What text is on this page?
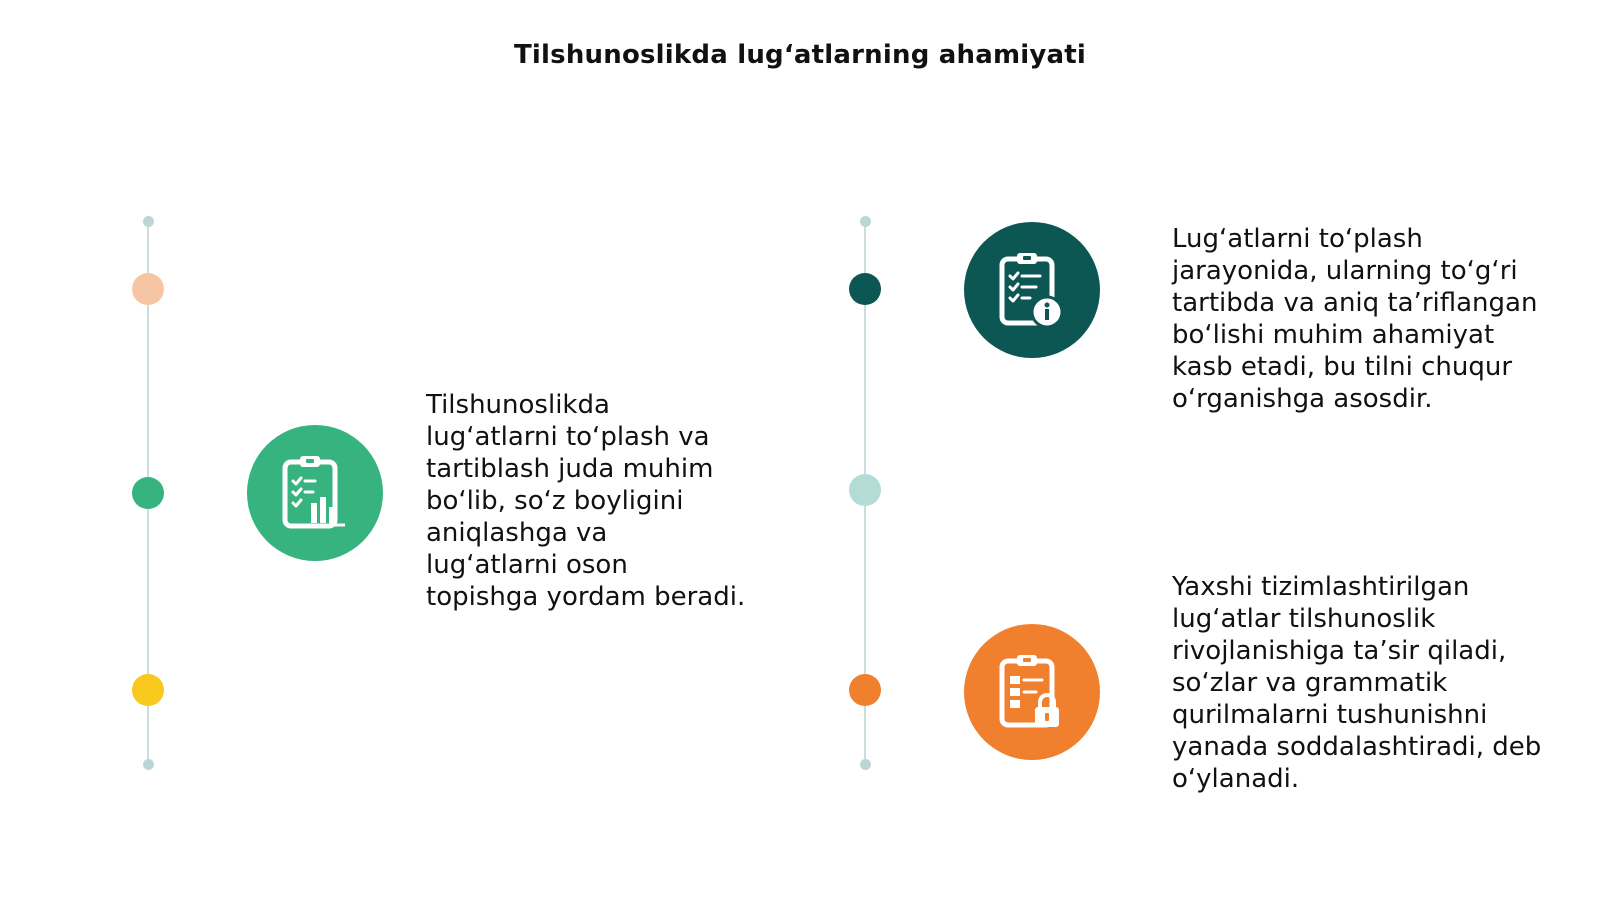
Tilshunoslikda lug‘atlarning ahamiyati

Tilshunoslikda lug‘atlarni to‘plash va tartiblash juda muhim bo‘lib, so‘z boyligini aniqlashga va lug‘atlarni oson topishga yordam beradi.

Lug‘atlarni to‘plash jarayonida, ularning to‘g‘ri tartibda va aniq ta’riflangan bo‘lishi muhim ahamiyat kasb etadi, bu tilni chuqur o‘rganishga asosdir.

Yaxshi tizimlashtirilgan lug‘atlar tilshunoslik rivojlanishiga ta’sir qiladi, so‘zlar va grammatik qurilmalarni tushunishni yanada soddalashtiradi, deb o‘ylanadi.
